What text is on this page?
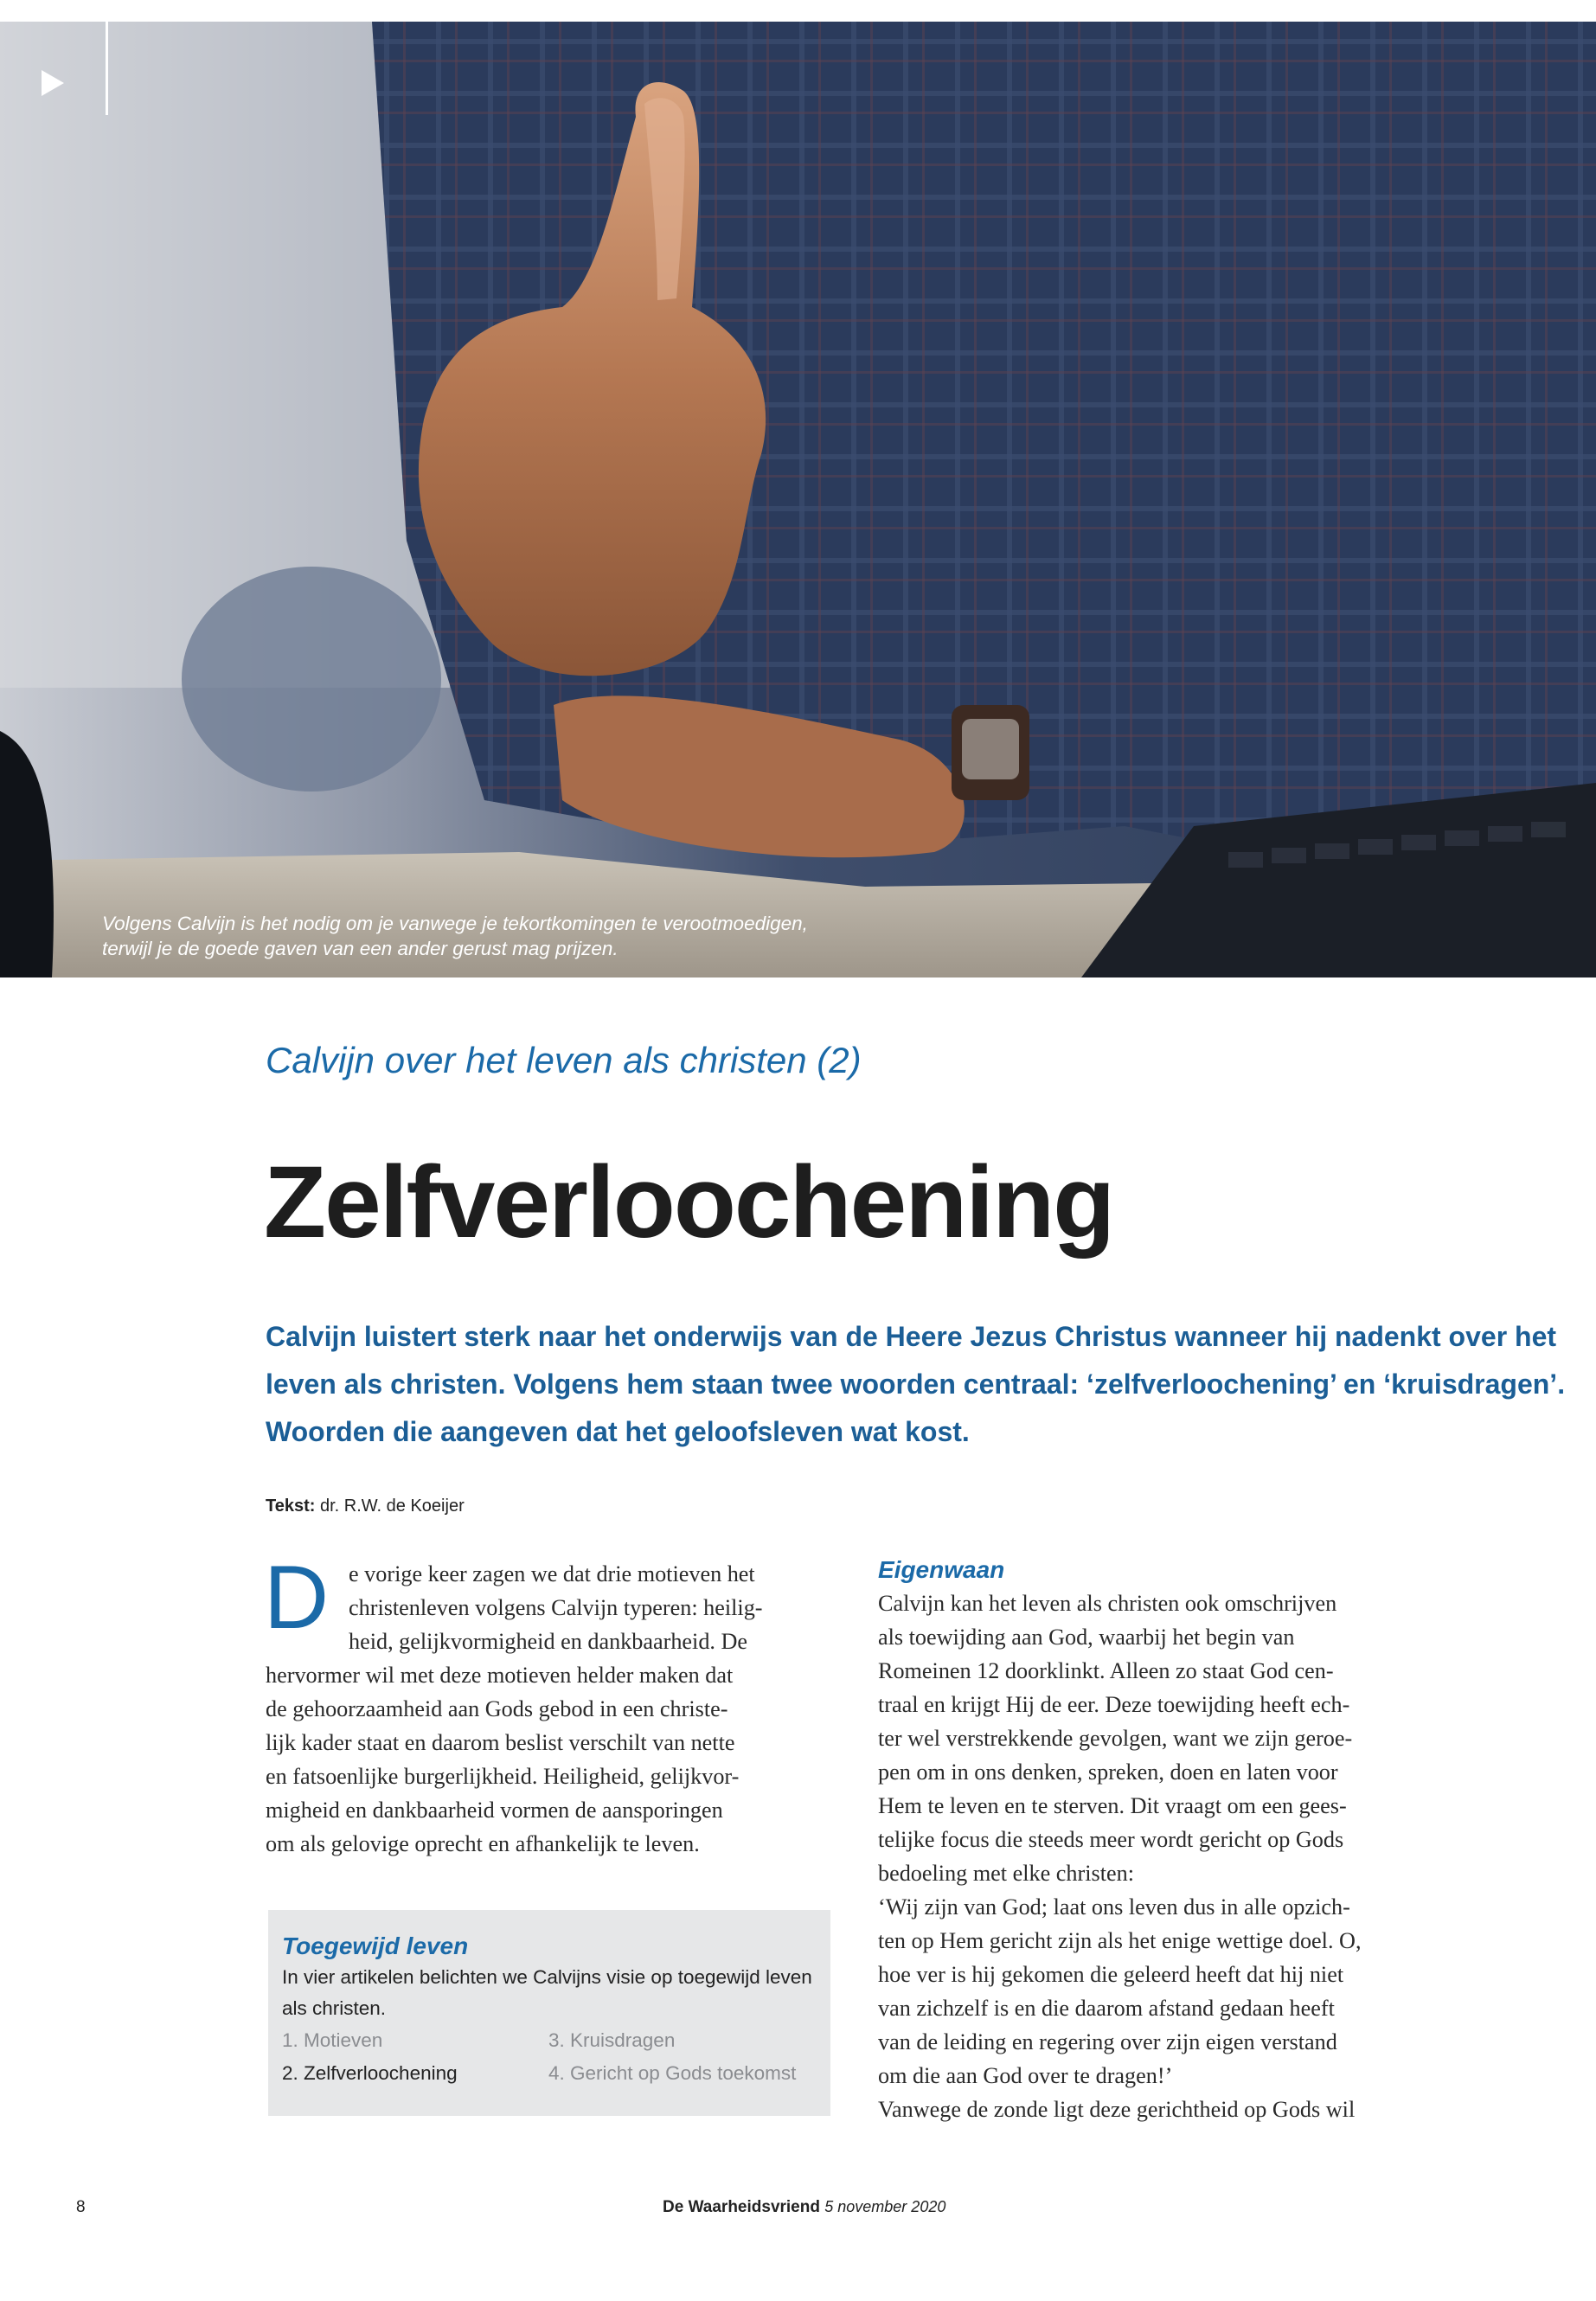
Volgens Calvijn is het nodig om je vanwege je tekortkomingen te verootmoedigen,
terwijl je de goede gaven van een ander gerust mag prijzen.
Calvijn over het leven als christen (2)
Zelfverloochening
Calvijn luistert sterk naar het onderwijs van de Heere Jezus Christus wanneer hij nadenkt over het
leven als christen. Volgens hem staan twee woorden centraal: ‘zelfverloochening’ en ‘kruisdragen’.
Woorden die aangeven dat het geloofsleven wat kost.
Tekst: dr. R.W. de Koeijer
D e vorige keer zagen we dat drie motieven het
christenleven volgens Calvijn typeren: heilig-
heid, gelijkvormigheid en dankbaarheid. De
hervormer wil met deze motieven helder maken dat
de gehoorzaamheid aan Gods gebod in een christe-
lijk kader staat en daarom beslist verschilt van nette
en fatsoenlijke burgerlijkheid. Heiligheid, gelijkvor-
migheid en dankbaarheid vormen de aansporingen
om als gelovige oprecht en afhankelijk te leven.
Toegewijd leven
In vier artikelen belichten we Calvijns visie op toegewijd leven
als christen.
1. Motieven
2. Zelfverloochening
3. Kruisdragen
4. Gericht op Gods toekomst
Eigenwaan
Calvijn kan het leven als christen ook omschrijven
als toewijding aan God, waarbij het begin van
Romeinen 12 doorklinkt. Alleen zo staat God cen-
traal en krijgt Hij de eer. Deze toewijding heeft ech-
ter wel verstrekkende gevolgen, want we zijn geroe-
pen om in ons denken, spreken, doen en laten voor
Hem te leven en te sterven. Dit vraagt om een gees-
telijke focus die steeds meer wordt gericht op Gods
bedoeling met elke christen:
‘Wij zijn van God; laat ons leven dus in alle opzich-
ten op Hem gericht zijn als het enige wettige doel. O,
hoe ver is hij gekomen die geleerd heeft dat hij niet
van zichzelf is en die daarom afstand gedaan heeft
van de leiding en regering over zijn eigen verstand
om die aan God over te dragen!’
Vanwege de zonde ligt deze gerichtheid op Gods wil
8	De Waarheidsvriend 5 november 2020
